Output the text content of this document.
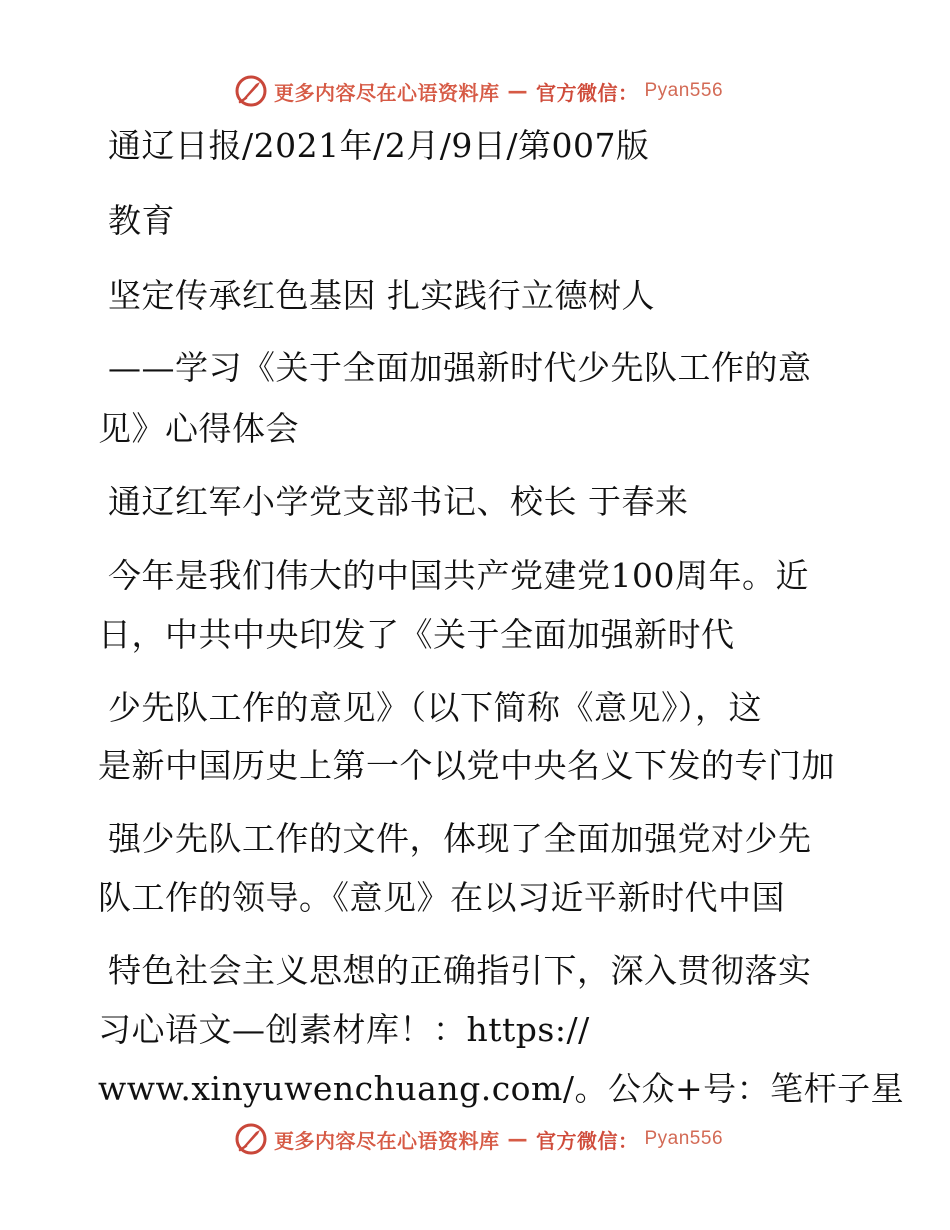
更多内容尽在心语资料库 — 官方微信： Pyan556
通辽日报/2021年/2月/9日/第007版
教育
坚定传承红色基因 扎实践行立德树人
——学习《关于全面加强新时代少先队工作的意
见》心得体会
通辽红军小学党支部书记、校长 于春来
今年是我们伟大的中国共产党建党100周年。近
日，中共中央印发了《关于全面加强新时代
少先队工作的意见》（以下简称《意见》），这
是新中国历史上第一个以党中央名义下发的专门加
强少先队工作的文件，体现了全面加强党对少先
队工作的领导。《意见》在以习近平新时代中国
特色社会主义思想的正确指引下，深入贯彻落实
习心语文—创素材库！：https://
www.xinyuwenchuang.com/。公众+号：笔杆子星
更多内容尽在心语资料库 — 官方微信： Pyan556
